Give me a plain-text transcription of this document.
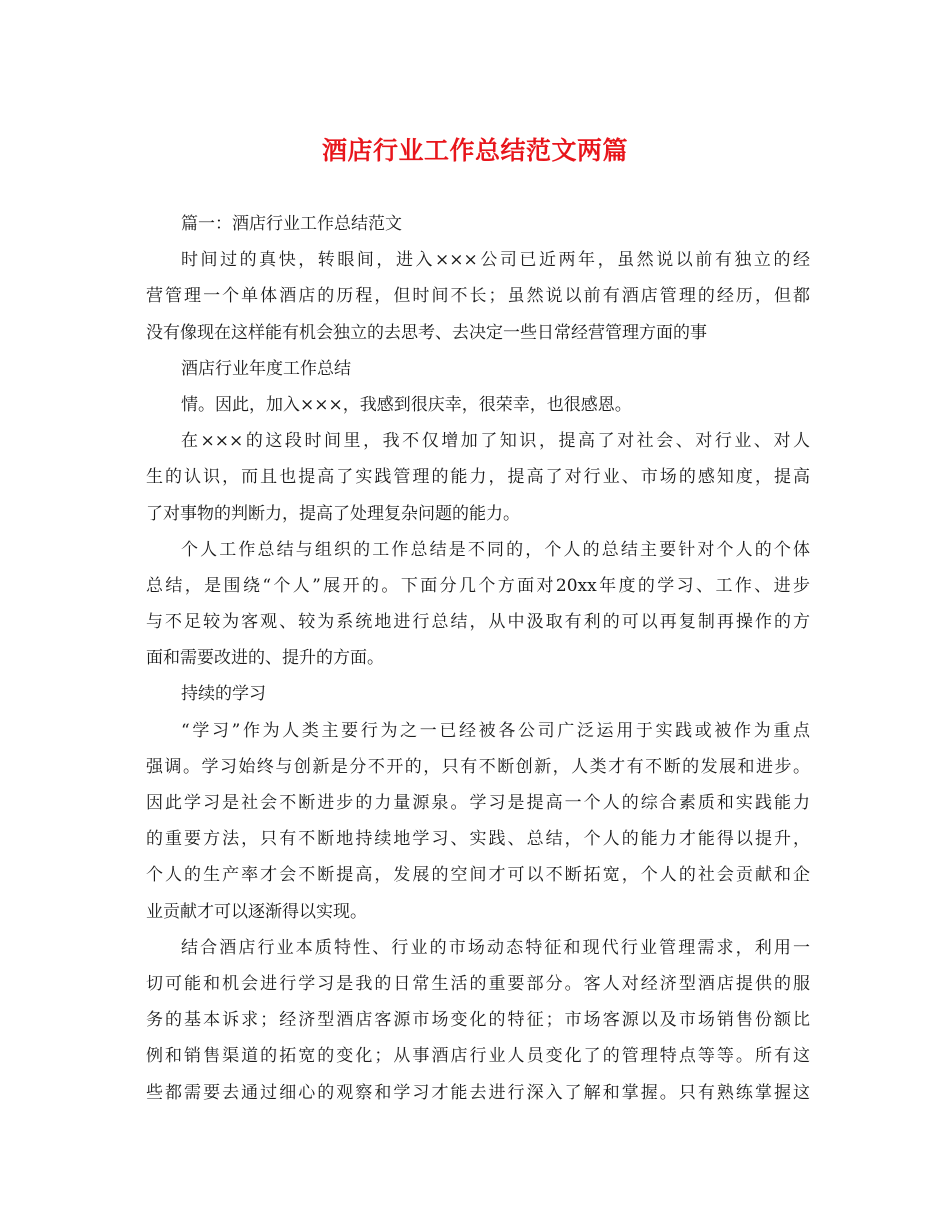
酒店行业工作总结范文两篇
篇一：酒店行业工作总结范文
时间过的真快，转眼间，进入×××公司已近两年，虽然说以前有独立的经
营管理一个单体酒店的历程，但时间不长；虽然说以前有酒店管理的经历，但都
没有像现在这样能有机会独立的去思考、去决定一些日常经营管理方面的事
酒店行业年度工作总结
情。因此，加入×××，我感到很庆幸，很荣幸，也很感恩。
在×××的这段时间里，我不仅增加了知识，提高了对社会、对行业、对人
生的认识，而且也提高了实践管理的能力，提高了对行业、市场的感知度，提高
了对事物的判断力，提高了处理复杂问题的能力。
个人工作总结与组织的工作总结是不同的，个人的总结主要针对个人的个体
总结，是围绕“个人”展开的。下面分几个方面对20xx年度的学习、工作、进步
与不足较为客观、较为系统地进行总结，从中汲取有利的可以再复制再操作的方
面和需要改进的、提升的方面。
持续的学习
“学习”作为人类主要行为之一已经被各公司广泛运用于实践或被作为重点
强调。学习始终与创新是分不开的，只有不断创新，人类才有不断的发展和进步。
因此学习是社会不断进步的力量源泉。学习是提高一个人的综合素质和实践能力
的重要方法，只有不断地持续地学习、实践、总结，个人的能力才能得以提升，
个人的生产率才会不断提高，发展的空间才可以不断拓宽，个人的社会贡献和企
业贡献才可以逐渐得以实现。
结合酒店行业本质特性、行业的市场动态特征和现代行业管理需求，利用一
切可能和机会进行学习是我的日常生活的重要部分。客人对经济型酒店提供的服
务的基本诉求；经济型酒店客源市场变化的特征；市场客源以及市场销售份额比
例和销售渠道的拓宽的变化；从事酒店行业人员变化了的管理特点等等。所有这
些都需要去通过细心的观察和学习才能去进行深入了解和掌握。只有熟练掌握这
